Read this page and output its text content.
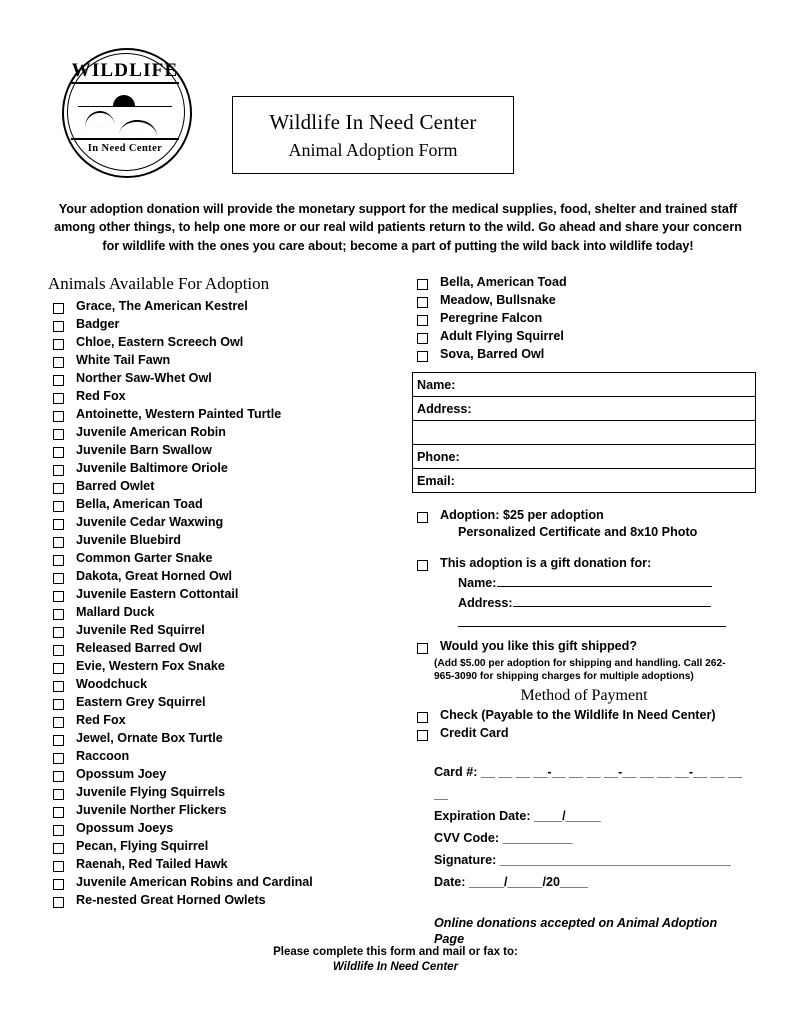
WILDLIFE
In Need Center
Wildlife In Need Center
Animal Adoption Form
Your adoption donation will provide the monetary support for the medical supplies, food, shelter and trained staff among other things, to help one more or our real wild patients return to the wild. Go ahead and share your concern for wildlife with the ones you care about; become a part of putting the wild back into wildlife today!
Animals Available For Adoption
Grace, The American Kestrel
Badger
Chloe, Eastern Screech Owl
White Tail Fawn
Norther Saw-Whet Owl
Red Fox
Antoinette, Western Painted Turtle
Juvenile American Robin
Juvenile Barn Swallow
Juvenile Baltimore Oriole
Barred Owlet
Bella, American Toad
Juvenile Cedar Waxwing
Juvenile Bluebird
Common Garter Snake
Dakota, Great Horned Owl
Juvenile Eastern Cottontail
Mallard Duck
Juvenile Red Squirrel
Released Barred Owl
Evie, Western Fox Snake
Woodchuck
Eastern Grey Squirrel
Red Fox
Jewel, Ornate Box Turtle
Raccoon
Opossum Joey
Juvenile Flying Squirrels
Juvenile Norther Flickers
Opossum Joeys
Pecan, Flying Squirrel
Raenah, Red Tailed Hawk
Juvenile American Robins and Cardinal
Re-nested Great Horned Owlets
Bella, American Toad
Meadow, Bullsnake
Peregrine Falcon
Adult Flying Squirrel
Sova, Barred Owl
Name:
Address:

Phone:
Email:
Adoption: $25 per adoption
Personalized Certificate and 8x10 Photo
This adoption is a gift donation for:
Name:
Address:
Would you like this gift shipped?
(Add $5.00 per adoption for shipping and handling. Call 262-965-3090 for shipping charges for multiple adoptions)
Method of Payment
Check (Payable to the Wildlife In Need Center)
Credit Card
Card #: __ __ __ __-__ __ __ __-__ __ __ __-__ __ __ __
Expiration Date: ____/_____
CVV Code: __________
Signature: _________________________________
Date: _____/_____/20____
Online donations accepted on Animal Adoption Page
Please complete this form and mail or fax to:
Wildlife In Need Center
